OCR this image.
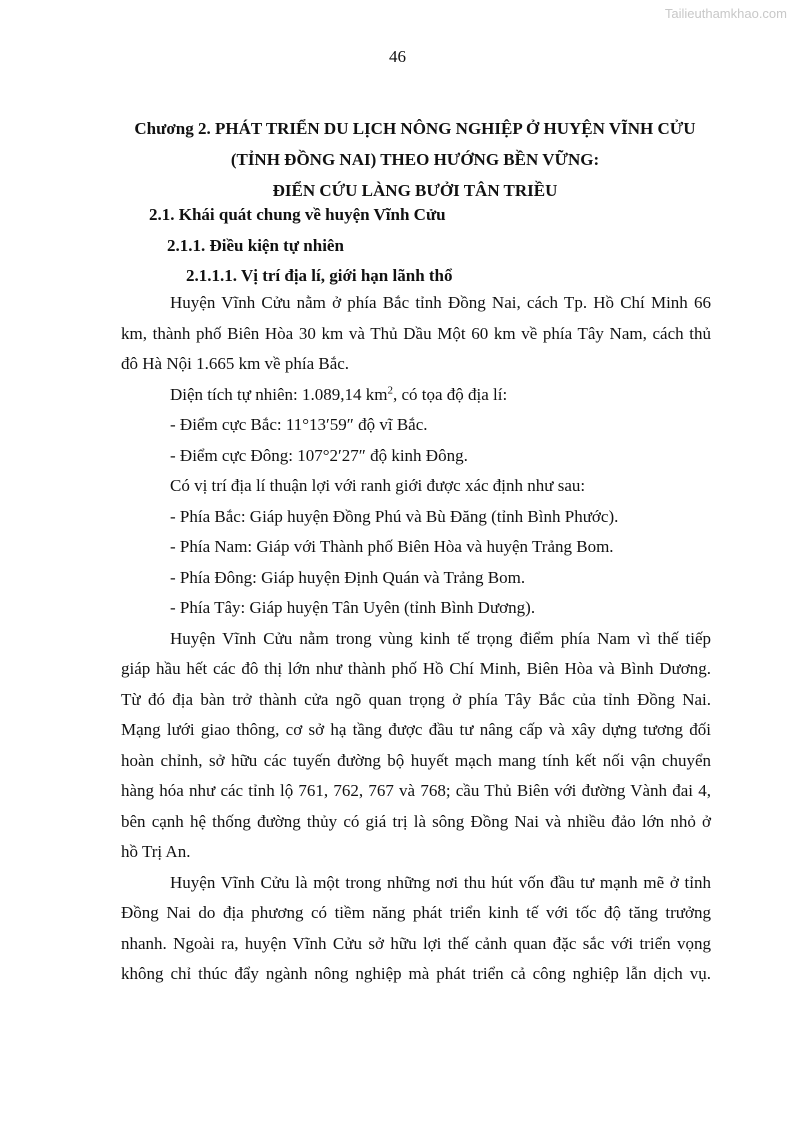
Tailieuthamkhao.com
46
Chương 2. PHÁT TRIỂN DU LỊCH NÔNG NGHIỆP Ở HUYỆN VĨNH CỬU
(TỈNH ĐỒNG NAI) THEO HƯỚNG BỀN VỮNG:
ĐIỂN CỨU LÀNG BƯỞI TÂN TRIỀU
2.1. Khái quát chung về huyện Vĩnh Cửu
2.1.1. Điều kiện tự nhiên
2.1.1.1. Vị trí địa lí, giới hạn lãnh thổ
Huyện Vĩnh Cửu nằm ở phía Bắc tỉnh Đồng Nai, cách Tp. Hồ Chí Minh 66
km, thành phố Biên Hòa 30 km và Thủ Dầu Một 60 km về phía Tây Nam, cách thủ
đô Hà Nội 1.665 km về phía Bắc.
Diện tích tự nhiên: 1.089,14 $km^2$, có tọa độ địa lí:
- Điểm cực Bắc: 11°13′59″ độ vĩ Bắc.
- Điểm cực Đông: 107°2′27″ độ kinh Đông.
Có vị trí địa lí thuận lợi với ranh giới được xác định như sau:
- Phía Bắc: Giáp huyện Đồng Phú và Bù Đăng (tỉnh Bình Phước).
- Phía Nam: Giáp với Thành phố Biên Hòa và huyện Trảng Bom.
- Phía Đông: Giáp huyện Định Quán và Trảng Bom.
- Phía Tây: Giáp huyện Tân Uyên (tỉnh Bình Dương).
Huyện Vĩnh Cửu nằm trong vùng kinh tế trọng điểm phía Nam vì thế tiếp
giáp hầu hết các đô thị lớn như thành phố Hồ Chí Minh, Biên Hòa và Bình Dương.
Từ đó địa bàn trở thành cửa ngõ quan trọng ở phía Tây Bắc của tỉnh Đồng Nai.
Mạng lưới giao thông, cơ sở hạ tầng được đầu tư nâng cấp và xây dựng tương đối
hoàn chỉnh, sở hữu các tuyến đường bộ huyết mạch mang tính kết nối vận chuyển
hàng hóa như các tỉnh lộ 761, 762, 767 và 768; cầu Thủ Biên với đường Vành đai 4,
bên cạnh hệ thống đường thủy có giá trị là sông Đồng Nai và nhiều đảo lớn nhỏ ở
hồ Trị An.
Huyện Vĩnh Cửu là một trong những nơi thu hút vốn đầu tư mạnh mẽ ở tỉnh
Đồng Nai do địa phương có tiềm năng phát triển kinh tế với tốc độ tăng trưởng
nhanh. Ngoài ra, huyện Vĩnh Cửu sở hữu lợi thế cảnh quan đặc sắc với triển vọng
không chỉ thúc đẩy ngành nông nghiệp mà phát triển cả công nghiệp lẫn dịch vụ.
